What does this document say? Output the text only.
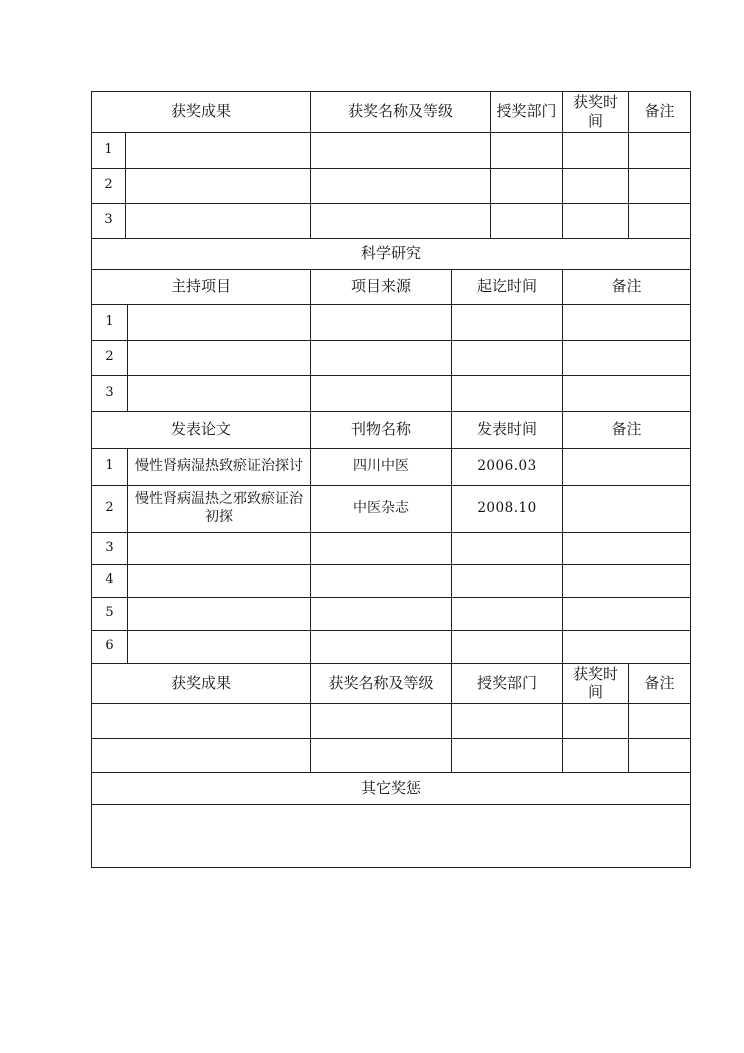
获奖成果		获奖名称及等级	授奖部门	获奖时间	备注
1					
2					
3					
科学研究
主持项目		项目来源	起讫时间	备注
1				
2				
3				
发表论文		刊物名称	发表时间	备注
1	慢性肾病湿热致瘀证治探讨	四川中医	2006.03	
2	慢性肾病温热之邪致瘀证治初探	中医杂志	2008.10	
3				
4				
5				
6				
获奖成果	获奖名称及等级	授奖部门	获奖时间	备注

其它奖惩
